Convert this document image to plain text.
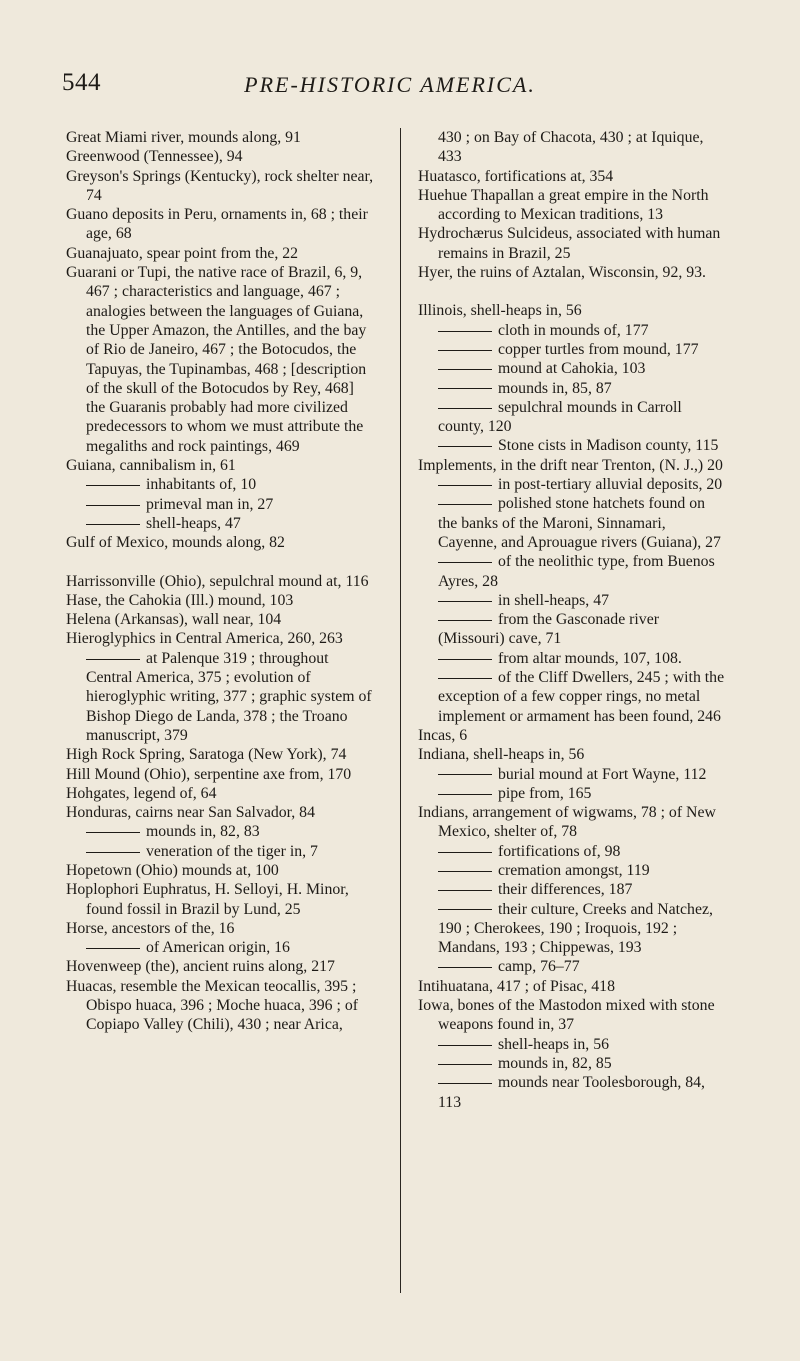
544	PRE-HISTORIC AMERICA.

Great Miami river, mounds along, 91

Greenwood (Tennessee), 94

Greyson's Springs (Kentucky), rock shelter near, 74

Guano deposits in Peru, ornaments in, 68 ; their age, 68

Guanajuato, spear point from the, 22

Guarani or Tupi, the native race of Brazil, 6, 9, 467 ; characteristics and language, 467 ; analogies between the languages of Guiana, the Upper Amazon, the Antilles, and the bay of Rio de Janeiro, 467 ; the Botocudos, the Tapuyas, the Tupinambas, 468 ; [description of the skull of the Botocudos by Rey, 468] the Guaranis probably had more civilized predecessors to whom we must attribute the megaliths and rock paintings, 469

Guiana, cannibalism in, 61

inhabitants of, 10

primeval man in, 27

shell-heaps, 47

Gulf of Mexico, mounds along, 82

Harrissonville (Ohio), sepulchral mound at, 116

Hase, the Cahokia (Ill.) mound, 103

Helena (Arkansas), wall near, 104

Hieroglyphics in Central America, 260, 263

at Palenque 319 ; throughout Central America, 375 ; evolution of hieroglyphic writing, 377 ; graphic system of Bishop Diego de Landa, 378 ; the Troano manuscript, 379

High Rock Spring, Saratoga (New York), 74

Hill Mound (Ohio), serpentine axe from, 170

Hohgates, legend of, 64

Honduras, cairns near San Salvador, 84

mounds in, 82, 83

veneration of the tiger in, 7

Hopetown (Ohio) mounds at, 100

Hoplophori Euphratus, H. Selloyi, H. Minor, found fossil in Brazil by Lund, 25

Horse, ancestors of the, 16

of American origin, 16

Hovenweep (the), ancient ruins along, 217

Huacas, resemble the Mexican teocallis, 395 ; Obispo huaca, 396 ; Moche huaca, 396 ; of Copiapo Valley (Chili), 430 ; near Arica,

430 ; on Bay of Chacota, 430 ; at Iquique, 433

Huatasco, fortifications at, 354

Huehue Thapallan a great empire in the North according to Mexican traditions, 13

Hydrochærus Sulcideus, associated with human remains in Brazil, 25

Hyer, the ruins of Aztalan, Wisconsin, 92, 93.

Illinois, shell-heaps in, 56

cloth in mounds of, 177

copper turtles from mound, 177

mound at Cahokia, 103

mounds in, 85, 87

sepulchral mounds in Carroll county, 120

Stone cists in Madison county, 115

Implements, in the drift near Trenton, (N. J.,) 20

in post-tertiary alluvial deposits, 20

polished stone hatchets found on the banks of the Maroni, Sinnamari, Cayenne, and Aprouague rivers (Guiana), 27

of the neolithic type, from Buenos Ayres, 28

in shell-heaps, 47

from the Gasconade river (Missouri) cave, 71

from altar mounds, 107, 108.

of the Cliff Dwellers, 245 ; with the exception of a few copper rings, no metal implement or armament has been found, 246

Incas, 6

Indiana, shell-heaps in, 56

burial mound at Fort Wayne, 112

pipe from, 165

Indians, arrangement of wigwams, 78 ; of New Mexico, shelter of, 78

fortifications of, 98

cremation amongst, 119

their differences, 187

their culture, Creeks and Natchez, 190 ; Cherokees, 190 ; Iroquois, 192 ; Mandans, 193 ; Chippewas, 193

camp, 76–77

Intihuatana, 417 ; of Pisac, 418

Iowa, bones of the Mastodon mixed with stone weapons found in, 37

shell-heaps in, 56

mounds in, 82, 85

mounds near Toolesborough, 84, 113
